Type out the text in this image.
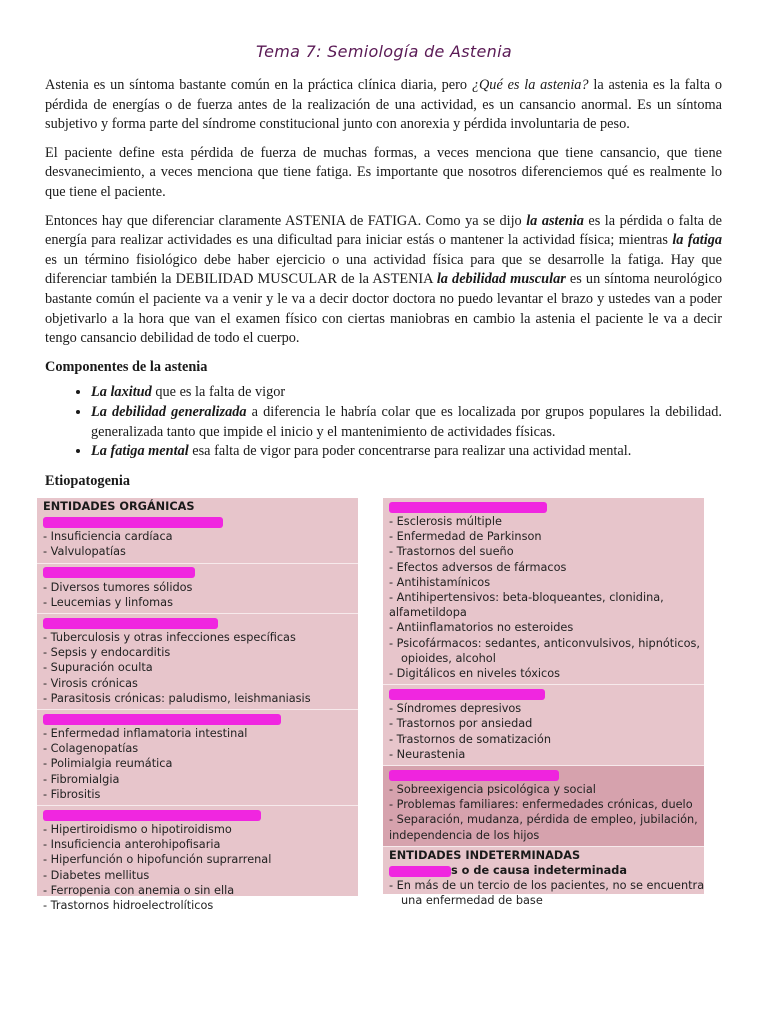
Tema 7: Semiología de Astenia

Astenia es un síntoma bastante común en la práctica clínica diaria, pero ¿Qué es la astenia? la astenia es la falta o pérdida de energías o de fuerza antes de la realización de una actividad, es un cansancio anormal. Es un síntoma subjetivo y forma parte del síndrome constitucional junto con anorexia y pérdida involuntaria de peso.

El paciente define esta pérdida de fuerza de muchas formas, a veces menciona que tiene cansancio, que tiene desvanecimiento, a veces menciona que tiene fatiga. Es importante que nosotros diferenciemos qué es realmente lo que tiene el paciente.

Entonces hay que diferenciar claramente ASTENIA de FATIGA. Como ya se dijo la astenia es la pérdida o falta de energía para realizar actividades es una dificultad para iniciar estás o mantener la actividad física; mientras la fatiga es un término fisiológico debe haber ejercicio o una actividad física para que se desarrolle la fatiga. Hay que diferenciar también la DEBILIDAD MUSCULAR de la ASTENIA la debilidad muscular es un síntoma neurológico bastante común el paciente va a venir y le va a decir doctor doctora no puedo levantar el brazo y ustedes van a poder objetivarlo a la hora que van el examen físico con ciertas maniobras en cambio la astenia el paciente le va a decir tengo cansancio debilidad de todo el cuerpo.

Componentes de la astenia
• La laxitud que es la falta de vigor
• La debilidad generalizada a diferencia le habría colar que es localizada por grupos populares la debilidad. generalizada tanto que impide el inicio y el mantenimiento de actividades físicas.
• La fatiga mental esa falta de vigor para poder concentrarse para realizar una actividad mental.
Etiopatogenia
ENTIDADES ORGÁNICAS
- Insuficiencia cardíaca
- Valvulopatías
- Diversos tumores sólidos
- Leucemias y linfomas
- Tuberculosis y otras infecciones específicas
- Sepsis y endocarditis
- Supuración oculta
- Virosis crónicas
- Parasitosis crónicas: paludismo, leishmaniasis
- Enfermedad inflamatoria intestinal
- Colagenopatías
- Polimialgia reumática
- Fibromialgia
- Fibrositis
- Hipertiroidismo o hipotiroidismo
- Insuficiencia anterohipofisaria
- Hiperfunción o hipofunción suprarrenal
- Diabetes mellitus
- Ferropenia con anemia o sin ella
- Trastornos hidroelectrolíticos
- Esclerosis múltiple
- Enfermedad de Parkinson
- Trastornos del sueño
- Efectos adversos de fármacos
- Antihistamínicos
- Antihipertensivos: beta-bloqueantes, clonidina, alfametildopa
- Antiinflamatorios no esteroides
- Psicofármacos: sedantes, anticonvulsivos, hipnóticos,
opioides, alcohol
- Digitálicos en niveles tóxicos
- Síndromes depresivos
- Trastornos por ansiedad
- Trastornos de somatización
- Neurastenia
- Sobreexigencia psicológica y social
- Problemas familiares: enfermedades crónicas, duelo
- Separación, mudanza, pérdida de empleo, jubilación, independencia de los hijos
ENTIDADES INDETERMINADAS
s o de causa indeterminada
- En más de un tercio de los pacientes, no se encuentra
una enfermedad de base
